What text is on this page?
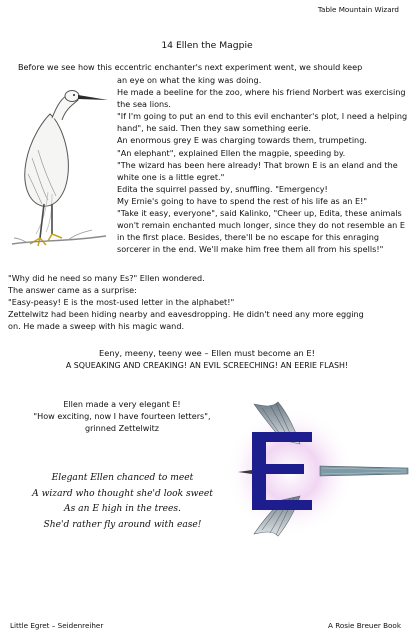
Table Mountain Wizard
14 Ellen the Magpie
Before we see how this eccentric enchanter's next experiment went, we should keep

an eye on what the king was doing.

He made a beeline for the zoo, where his friend Norbert was exercising the sea lions.

"If I'm going to put an end to this evil enchanter's plot, I need a helping hand", he said. Then they saw something eerie.

An enormous grey E was charging towards them, trumpeting.

"An elephant", explained Ellen the magpie, speeding by.

"The wizard has been here already! That brown E is an eland and the white one is a little egret."

Edita the squirrel passed by, snuffling. "Emergency!

My Ernie's going to have to spend the rest of his life as an E!"

"Take it easy, everyone", said Kalinko, "Cheer up, Edita, these animals won't remain enchanted much longer, since they do not resemble an E in the first place. Besides, there'll be no escape for this enraging sorcerer in the end. We'll make him free them all from his spells!"

"Why did he need so many Es?" Ellen wondered.

The answer came as a surprise:

"Easy-peasy! E is the most-used letter in the alphabet!"

Zettelwitz had been hiding nearby and eavesdropping. He didn't need any more egging

on. He made a sweep with his magic wand.

Eeny, meeny, teeny wee – Ellen must become an E!

A SQUEAKING AND CREAKING! AN EVIL SCREECHING! AN EERIE FLASH!

Ellen made a very elegant E!

"How exciting, now I have fourteen letters",

grinned Zettelwitz

Elegant Ellen chanced to meet

A wizard who thought she'd look sweet

As an E high in the trees.

She'd rather fly around with ease!

Little Egret – Seidenreiher	A Rosie Breuer Book
